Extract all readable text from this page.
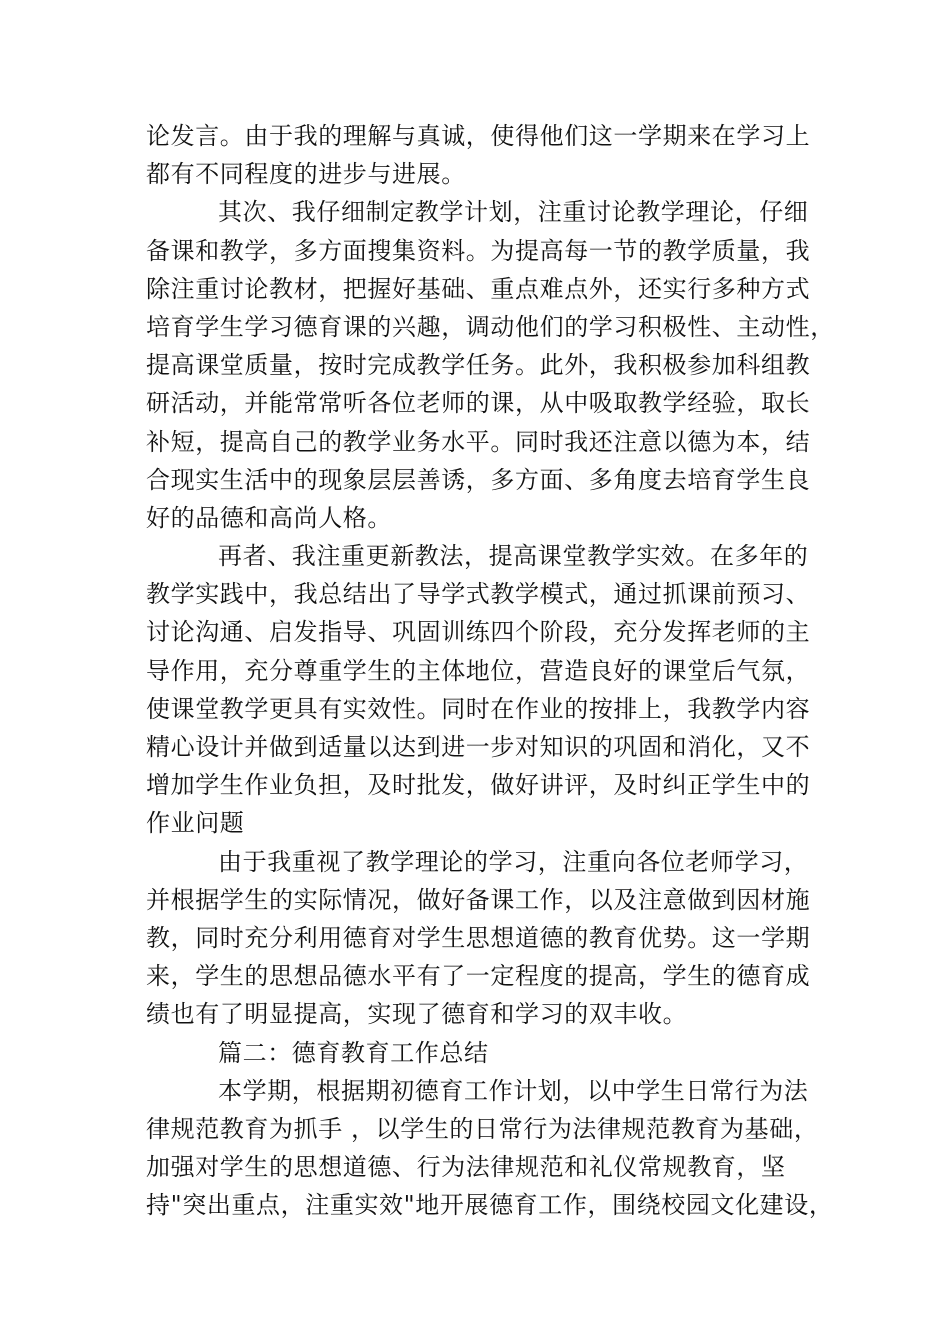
论发言。由于我的理解与真诚，使得他们这一学期来在学习上
都有不同程度的进步与进展。
其次、我仔细制定教学计划，注重讨论教学理论，仔细
备课和教学，多方面搜集资料。为提高每一节的教学质量，我
除注重讨论教材，把握好基础、重点难点外，还实行多种方式
培育学生学习德育课的兴趣，调动他们的学习积极性、主动性，
提高课堂质量，按时完成教学任务。此外，我积极参加科组教
研活动，并能常常听各位老师的课，从中吸取教学经验，取长
补短，提高自己的教学业务水平。同时我还注意以德为本，结
合现实生活中的现象层层善诱，多方面、多角度去培育学生良
好的品德和高尚人格。
再者、我注重更新教法，提高课堂教学实效。在多年的
教学实践中，我总结出了导学式教学模式，通过抓课前预习、
讨论沟通、启发指导、巩固训练四个阶段，充分发挥老师的主
导作用，充分尊重学生的主体地位，营造良好的课堂后气氛，
使课堂教学更具有实效性。同时在作业的按排上，我教学内容
精心设计并做到适量以达到进一步对知识的巩固和消化，又不
增加学生作业负担，及时批发，做好讲评，及时纠正学生中的
作业问题
由于我重视了教学理论的学习，注重向各位老师学习，
并根据学生的实际情况，做好备课工作，以及注意做到因材施
教，同时充分利用德育对学生思想道德的教育优势。这一学期
来，学生的思想品德水平有了一定程度的提高，学生的德育成
绩也有了明显提高，实现了德育和学习的双丰收。
篇二：德育教育工作总结
本学期，根据期初德育工作计划，以中学生日常行为法
律规范教育为抓手 ，以学生的日常行为法律规范教育为基础，
加强对学生的思想道德、行为法律规范和礼仪常规教育，坚
持"突出重点，注重实效"地开展德育工作，围绕校园文化建设，
